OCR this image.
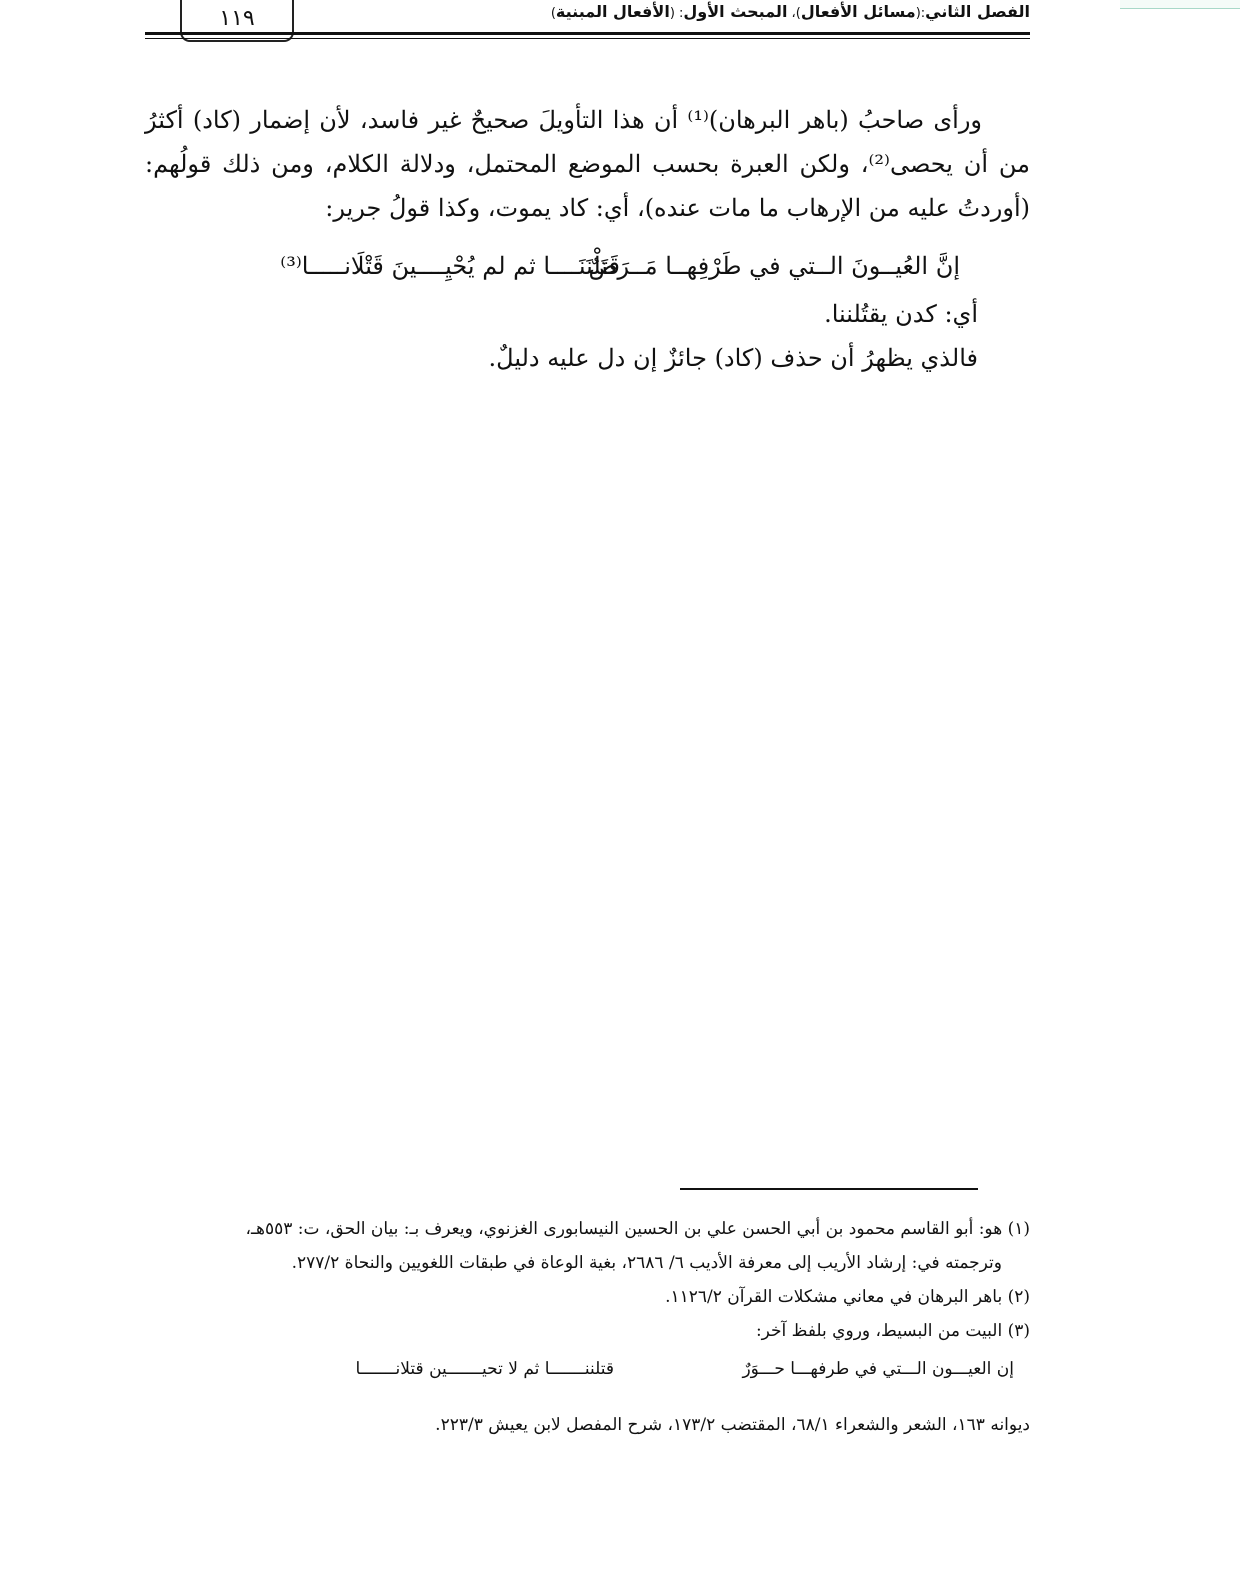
الفصل الثاني:(مسائل الأفعال)، المبحث الأول: (الأفعال المبنية)
١١٩

ورأى صاحبُ (باهر البرهان)⁽¹⁾ أن هذا التأويلَ صحيحٌ غير فاسد، لأن إضمار (كاد) أكثرُ من أن يحصى⁽²⁾، ولكن العبرة بحسب الموضع المحتمل، ودلالة الكلام، ومن ذلك قولُهم: (أوردتُ عليه من الإرهاب ما مات عنده)، أي: كاد يموت، وكذا قولُ جرير:

إنَّ العُيــونَ الــتي في طَرْفِهــا مَــرَضٌ
قَتَلْنَنَــــا ثم لم يُحْيِــــينَ قَتْلَانـــــا⁽³⁾

أي: كدن يقتُلننا.

فالذي يظهرُ أن حذف (كاد) جائزٌ إن دل عليه دليلٌ.

(١) هو: أبو القاسم محمود بن أبي الحسن علي بن الحسين النيسابورى الغزنوي، ويعرف بـ: بيان الحق، ت: ٥٥٣هـ،

وترجمته في: إرشاد الأريب إلى معرفة الأديب ٦/ ٢٦٨٦، بغية الوعاة في طبقات اللغويين والنحاة ٢٧٧/٢.

(٢) باهر البرهان في معاني مشكلات القرآن ١١٢٦/٢.

(٣) البيت من البسيط، وروي بلفظ آخر:

إن العيـــون الـــتي في طرفهـــا حـــوَرٌ
قتلننـــــــا ثم لا تحيـــــــين قتلانـــــــا

ديوانه ١٦٣، الشعر والشعراء ٦٨/١، المقتضب ١٧٣/٢، شرح المفصل لابن يعيش ٢٢٣/٣.
